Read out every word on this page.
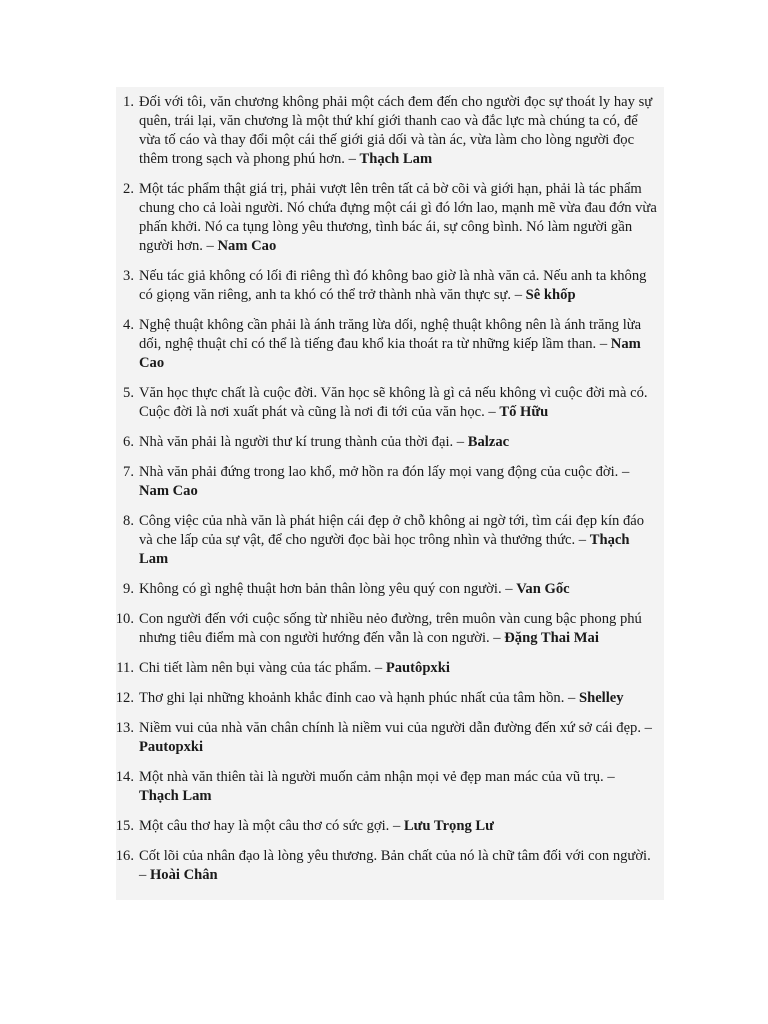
1. Đối với tôi, văn chương không phải một cách đem đến cho người đọc sự thoát ly hay sự quên, trái lại, văn chương là một thứ khí giới thanh cao và đắc lực mà chúng ta có, để vừa tố cáo và thay đổi một cái thế giới giả dối và tàn ác, vừa làm cho lòng người đọc thêm trong sạch và phong phú hơn. – Thạch Lam
2. Một tác phẩm thật giá trị, phải vượt lên trên tất cả bờ cõi và giới hạn, phải là tác phẩm chung cho cả loài người. Nó chứa đựng một cái gì đó lớn lao, mạnh mẽ vừa đau đớn vừa phấn khởi. Nó ca tụng lòng yêu thương, tình bác ái, sự công bình. Nó làm người gần người hơn. – Nam Cao
3. Nếu tác giả không có lối đi riêng thì đó không bao giờ là nhà văn cả. Nếu anh ta không có giọng văn riêng, anh ta khó có thể trở thành nhà văn thực sự. – Sê khốp
4. Nghệ thuật không cần phải là ánh trăng lừa dối, nghệ thuật không nên là ánh trăng lừa dối, nghệ thuật chỉ có thể là tiếng đau khổ kia thoát ra từ những kiếp lầm than. – Nam Cao
5. Văn học thực chất là cuộc đời. Văn học sẽ không là gì cả nếu không vì cuộc đời mà có. Cuộc đời là nơi xuất phát và cũng là nơi đi tới của văn học. – Tố Hữu
6. Nhà văn phải là người thư kí trung thành của thời đại. – Balzac
7. Nhà văn phải đứng trong lao khổ, mở hồn ra đón lấy mọi vang động của cuộc đời. – Nam Cao
8. Công việc của nhà văn là phát hiện cái đẹp ở chỗ không ai ngờ tới, tìm cái đẹp kín đáo và che lấp của sự vật, để cho người đọc bài học trông nhìn và thưởng thức. – Thạch Lam
9. Không có gì nghệ thuật hơn bản thân lòng yêu quý con người. – Van Gốc
10. Con người đến với cuộc sống từ nhiều nẻo đường, trên muôn vàn cung bậc phong phú nhưng tiêu điểm mà con người hướng đến vẫn là con người. – Đặng Thai Mai
11. Chi tiết làm nên bụi vàng của tác phẩm. – Pautôpxki
12. Thơ ghi lại những khoảnh khắc đỉnh cao và hạnh phúc nhất của tâm hồn. – Shelley
13. Niềm vui của nhà văn chân chính là niềm vui của người dẫn đường đến xứ sở cái đẹp. – Pautopxki
14. Một nhà văn thiên tài là người muốn cảm nhận mọi vẻ đẹp man mác của vũ trụ. – Thạch Lam
15. Một câu thơ hay là một câu thơ có sức gợi. – Lưu Trọng Lư
16. Cốt lõi của nhân đạo là lòng yêu thương. Bản chất của nó là chữ tâm đối với con người. – Hoài Chân
